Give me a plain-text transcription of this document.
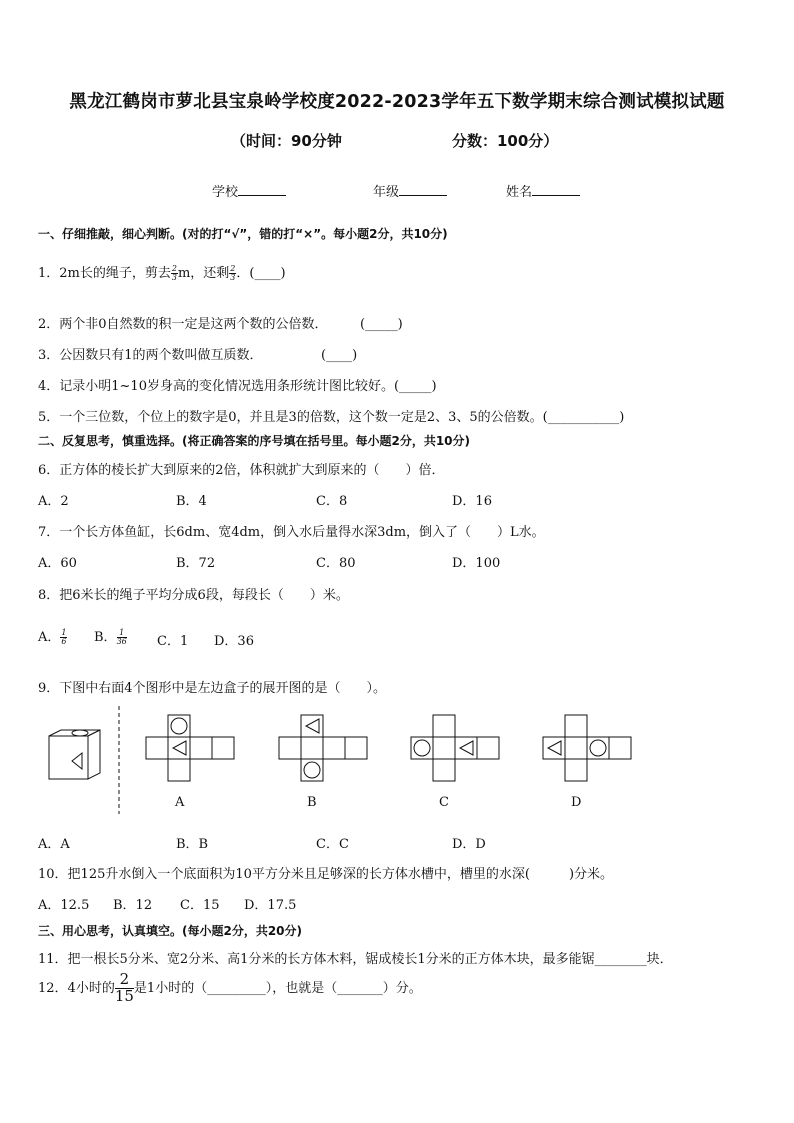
黑龙江鹤岗市萝北县宝泉岭学校度2022-2023学年五下数学期末综合测试模拟试题
（时间：90分钟	分数：100分）
学校	年级	姓名
一、仔细推敲，细心判断。(对的打“√”，错的打“×”。每小题2分，共10分)
1．2m长的绳子，剪去 $\frac{2}{3}$ m，还剩 $\frac{2}{3}$ ．(____)
2．两个非0自然数的积一定是这两个数的公倍数．　　　(_____)
3．公因数只有1的两个数叫做互质数．　　　　　(____)
4．记录小明1~10岁身高的变化情况选用条形统计图比较好。(_____)
5．一个三位数，个位上的数字是0，并且是3的倍数，这个数一定是2、3、5的公倍数。(___________)
二、反复思考，慎重选择。(将正确答案的序号填在括号里。每小题2分，共10分)
6．正方体的棱长扩大到原来的2倍，体积就扩大到原来的（　　）倍．
A．2	B．4	C．8	D．16
7．一个长方体鱼缸，长6dm、宽4dm，倒入水后量得水深3dm，倒入了（　　）L水。
A．60	B．72	C．80	D．100
8．把6米长的绳子平均分成6段，每段长（　　）米。
A． $\frac{1}{6}$ B． $\frac{1}{36}$ C．1 D．36
9．下图中右面4个图形中是左边盒子的展开图的是（　　）。
A	B	C	D
A．A	B．B	C．C	D．D
10．把125升水倒入一个底面积为10平方分米且足够深的长方体水槽中，槽里的水深(　　　)分米。
A．12.5 B．12 C．15 D．17.5
三、用心思考，认真填空。(每小题2分，共20分)
11．把一根长5分米、宽2分米、高1分米的长方体木料，锯成棱长1分米的正方体木块，最多能锯________块．
12．4小时的 $\frac{2}{15}$ 是1小时的（_________），也就是（_______）分。
